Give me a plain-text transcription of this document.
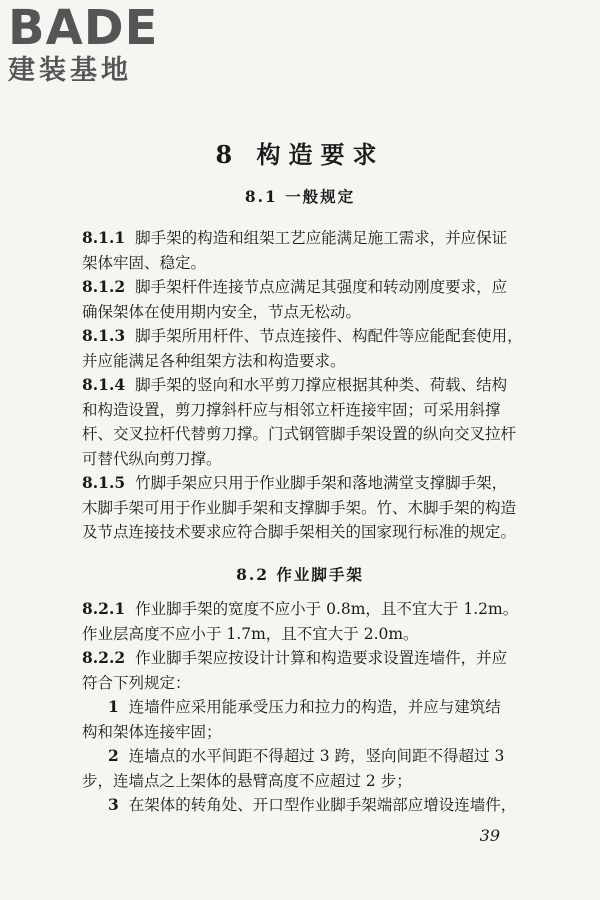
BADE
建装基地
8 构造要求
8.1 一般规定
8.1.1 脚手架的构造和组架工艺应能满足施工需求，并应保证
架体牢固、稳定。
8.1.2 脚手架杆件连接节点应满足其强度和转动刚度要求，应
确保架体在使用期内安全，节点无松动。
8.1.3 脚手架所用杆件、节点连接件、构配件等应能配套使用，
并应能满足各种组架方法和构造要求。
8.1.4 脚手架的竖向和水平剪刀撑应根据其种类、荷载、结构
和构造设置，剪刀撑斜杆应与相邻立杆连接牢固；可采用斜撑
杆、交叉拉杆代替剪刀撑。门式钢管脚手架设置的纵向交叉拉杆
可替代纵向剪刀撑。
8.1.5 竹脚手架应只用于作业脚手架和落地满堂支撑脚手架，
木脚手架可用于作业脚手架和支撑脚手架。竹、木脚手架的构造
及节点连接技术要求应符合脚手架相关的国家现行标准的规定。
8.2 作业脚手架
8.2.1 作业脚手架的宽度不应小于 0.8m，且不宜大于 1.2m。
作业层高度不应小于 1.7m，且不宜大于 2.0m。
8.2.2 作业脚手架应按设计计算和构造要求设置连墙件，并应
符合下列规定：
1 连墙件应采用能承受压力和拉力的构造，并应与建筑结
构和架体连接牢固；
2 连墙点的水平间距不得超过 3 跨，竖向间距不得超过 3
步，连墙点之上架体的悬臂高度不应超过 2 步；
3 在架体的转角处、开口型作业脚手架端部应增设连墙件，
39
